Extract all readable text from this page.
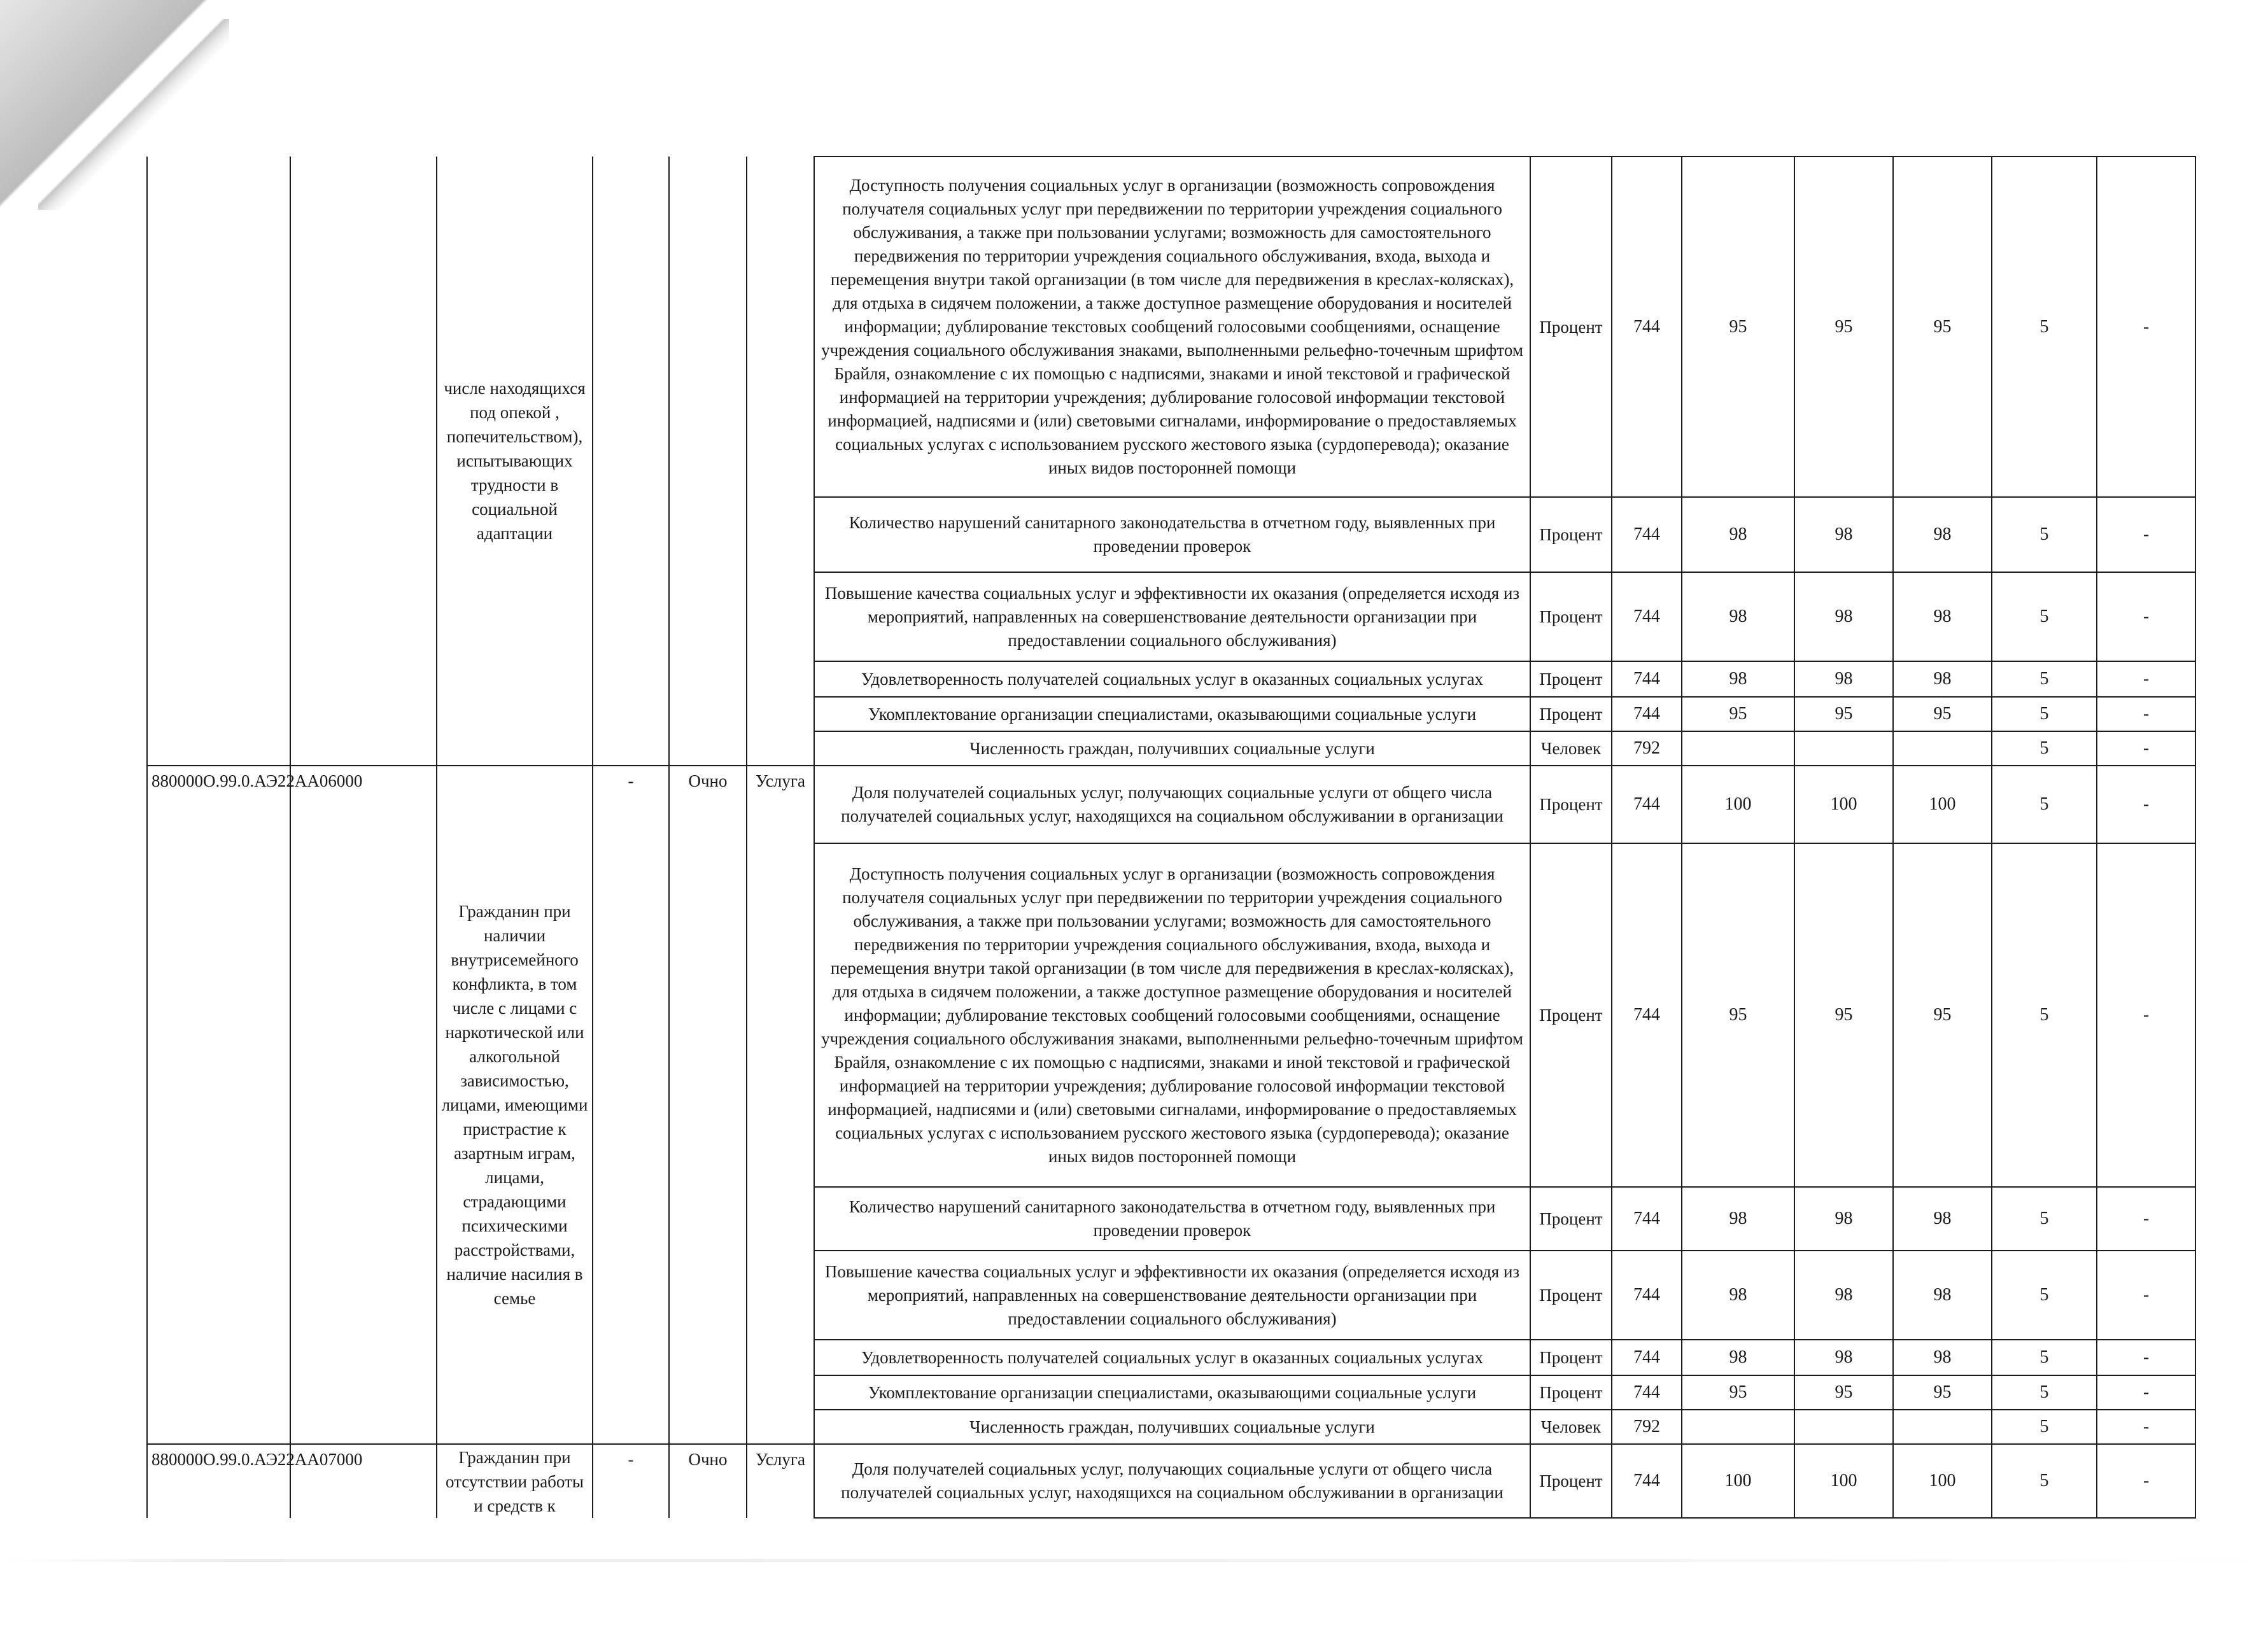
		числе находящихся под опекой , попечительством), испытывающих трудности в социальной адаптации				Доступность получения социальных услуг в организации (возможность сопровождения получателя социальных услуг при передвижении по территории учреждения социального обслуживания, а также при пользовании услугами; возможность для самостоятельного передвижения по территории учреждения социального обслуживания, входа, выхода и перемещения внутри такой организации (в том числе для передвижения в креслах-колясках), для отдыха в сидячем положении, а также доступное размещение оборудования и носителей информации; дублирование текстовых сообщений голосовыми сообщениями, оснащение учреждения социального обслуживания знаками, выполненными рельефно-точечным шрифтом Брайля, ознакомление с их помощью с надписями, знаками и иной текстовой и графической информацией на территории учреждения; дублирование голосовой информации текстовой информацией, надписями и (или) световыми сигналами, информирование о предоставляемых социальных услугах с использованием русского жестового языка (сурдоперевода); оказание иных видов посторонней помощи	Процент	744	95	95	95	5	-
						Количество нарушений санитарного законодательства в отчетном году, выявленных при проведении проверок	Процент	744	98	98	98	5	-
						Повышение качества социальных услуг и эффективности их оказания (определяется исходя из мероприятий, направленных на совершенствование деятельности организации при предоставлении социального обслуживания)	Процент	744	98	98	98	5	-
						Удовлетворенность получателей социальных услуг в оказанных социальных услугах	Процент	744	98	98	98	5	-
						Укомплектование организации специалистами, оказывающими социальные услуги	Процент	744	95	95	95	5	-
						Численность граждан, получивших социальные услуги	Человек	792				5	-
880000О.99.0.АЭ22АА06000		Гражданин при наличии внутрисемейного конфликта, в том числе с лицами с наркотической или алкогольной зависимостью, лицами, имеющими пристрастие к азартным играм, лицами, страдающими психическими расстройствами, наличие насилия в семье	-	Очно	Услуга	Доля получателей социальных услуг, получающих социальные услуги от общего числа получателей социальных услуг, находящихся на социальном обслуживании в организации	Процент	744	100	100	100	5	-
						Доступность получения социальных услуг в организации (возможность сопровождения получателя социальных услуг при передвижении по территории учреждения социального обслуживания, а также при пользовании услугами; возможность для самостоятельного передвижения по территории учреждения социального обслуживания, входа, выхода и перемещения внутри такой организации (в том числе для передвижения в креслах-колясках), для отдыха в сидячем положении, а также доступное размещение оборудования и носителей информации; дублирование текстовых сообщений голосовыми сообщениями, оснащение учреждения социального обслуживания знаками, выполненными рельефно-точечным шрифтом Брайля, ознакомление с их помощью с надписями, знаками и иной текстовой и графической информацией на территории учреждения; дублирование голосовой информации текстовой информацией, надписями и (или) световыми сигналами, информирование о предоставляемых социальных услугах с использованием русского жестового языка (сурдоперевода); оказание иных видов посторонней помощи	Процент	744	95	95	95	5	-
						Количество нарушений санитарного законодательства в отчетном году, выявленных при проведении проверок	Процент	744	98	98	98	5	-
						Повышение качества социальных услуг и эффективности их оказания (определяется исходя из мероприятий, направленных на совершенствование деятельности организации при предоставлении социального обслуживания)	Процент	744	98	98	98	5	-
						Удовлетворенность получателей социальных услуг в оказанных социальных услугах	Процент	744	98	98	98	5	-
						Укомплектование организации специалистами, оказывающими социальные услуги	Процент	744	95	95	95	5	-
						Численность граждан, получивших социальные услуги	Человек	792				5	-
880000О.99.0.АЭ22АА07000		Гражданин при отсутствии работы и средств к	-	Очно	Услуга	Доля получателей социальных услуг, получающих социальные услуги от общего числа получателей социальных услуг, находящихся на социальном обслуживании в организации	Процент	744	100	100	100	5	-
